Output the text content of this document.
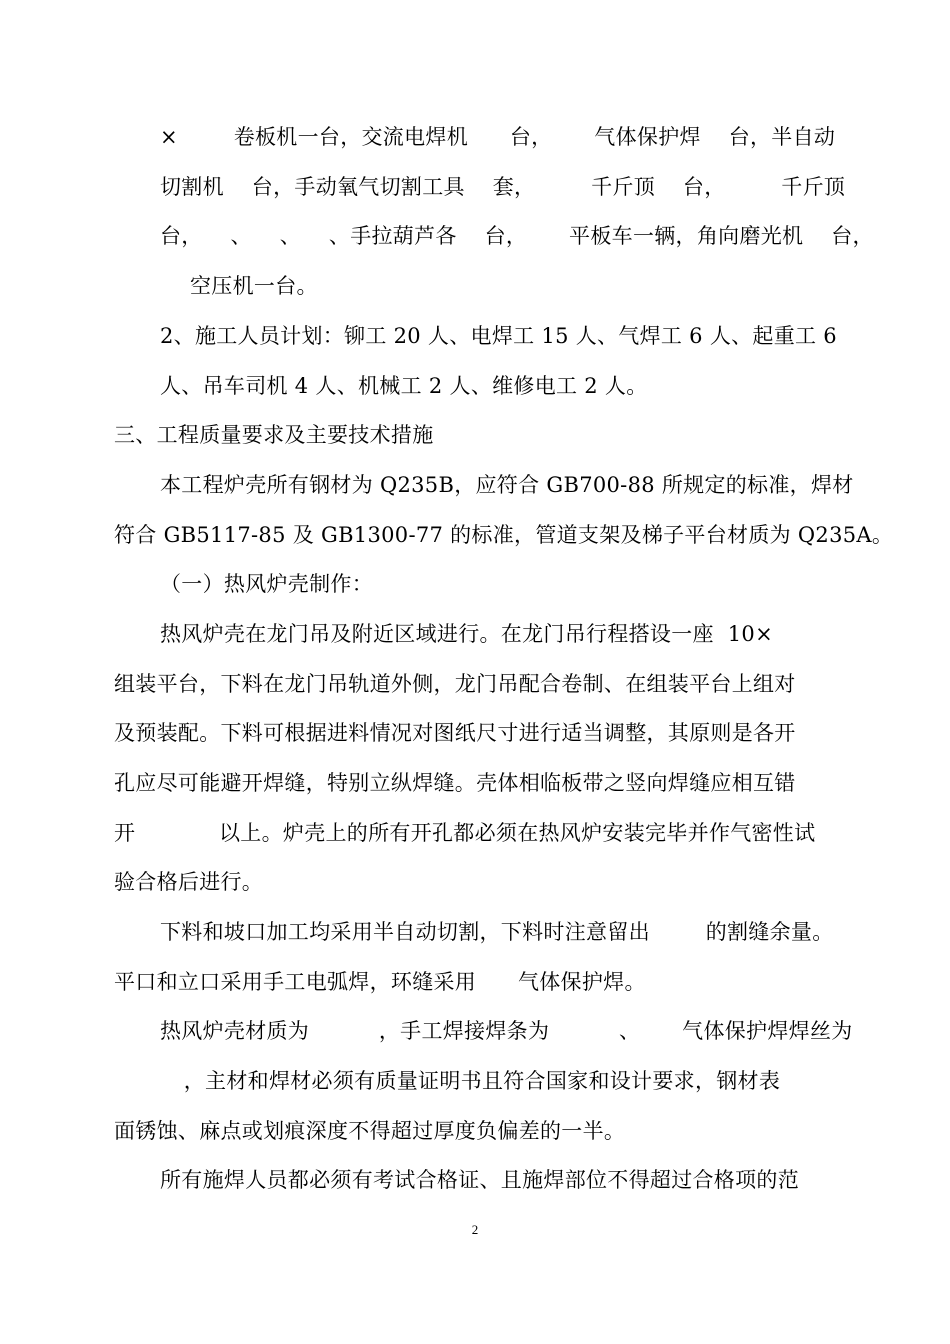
×        卷板机一台，交流电焊机      台，      气体保护焊    台，半自动
切割机    台，手动氧气切割工具    套，        千斤顶    台，        千斤顶
台，    、    、    、手拉葫芦各    台，      平板车一辆，角向磨光机    台，
空压机一台。
2、施工人员计划：铆工 20 人、电焊工 15 人、气焊工 6 人、起重工 6
人、吊车司机 4 人、机械工 2 人、维修电工 2 人。
三、工程质量要求及主要技术措施
本工程炉壳所有钢材为 Q235B，应符合 GB700-88 所规定的标准，焊材
符合 GB5117-85 及 GB1300-77 的标准，管道支架及梯子平台材质为 Q235A。
（一）热风炉壳制作：
热风炉壳在龙门吊及附近区域进行。在龙门吊行程搭设一座  10×
组装平台，下料在龙门吊轨道外侧，龙门吊配合卷制、在组装平台上组对
及预装配。下料可根据进料情况对图纸尺寸进行适当调整，其原则是各开
孔应尽可能避开焊缝，特别立纵焊缝。壳体相临板带之竖向焊缝应相互错
开            以上。炉壳上的所有开孔都必须在热风炉安装完毕并作气密性试
验合格后进行。
下料和坡口加工均采用半自动切割，下料时注意留出        的割缝余量。
平口和立口采用手工电弧焊，环缝采用      气体保护焊。
热风炉壳材质为          ，手工焊接焊条为          、      气体保护焊焊丝为
，主材和焊材必须有质量证明书且符合国家和设计要求，钢材表
面锈蚀、麻点或划痕深度不得超过厚度负偏差的一半。
所有施焊人员都必须有考试合格证、且施焊部位不得超过合格项的范
2
